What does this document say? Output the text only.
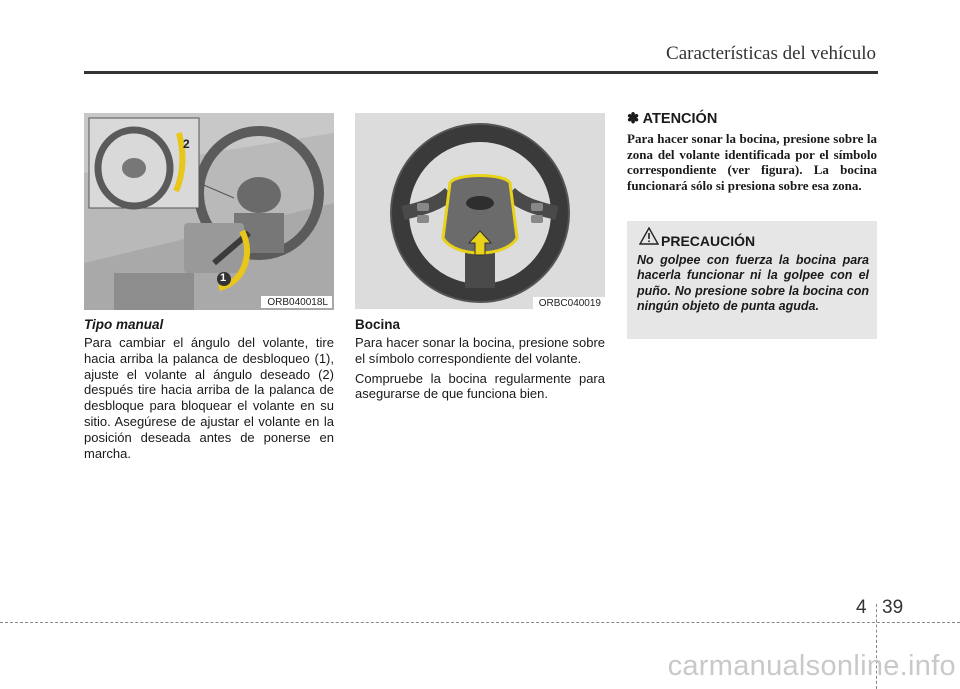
Características del vehículo
1
2
ORB040018L
Tipo manual

Para cambiar el ángulo del volante, tire hacia arriba la palanca de desbloqueo (1), ajuste el volante al ángulo deseado (2) después tire hacia arriba de la palanca de desbloque para bloquear el volante en su sitio. Asegúrese de ajustar el volante en la posición deseada antes de ponerse en marcha.

ORBC040019
Bocina

Para hacer sonar la bocina, presione sobre el símbolo correspondiente del volante.

Compruebe la bocina regularmente para asegurarse de que funciona bien.

✽ ATENCIÓN

Para hacer sonar la bocina, presione sobre la zona del volante identificada por el símbolo correspondiente (ver figura). La bocina funcionará sólo si presiona sobre esa zona.

PRECAUCIÓN

No golpee con fuerza la bocina para hacerla funcionar ni la golpee con el puño. No presione sobre la bocina con ningún objeto de punta aguda.

4 39
carmanualsonline.info
